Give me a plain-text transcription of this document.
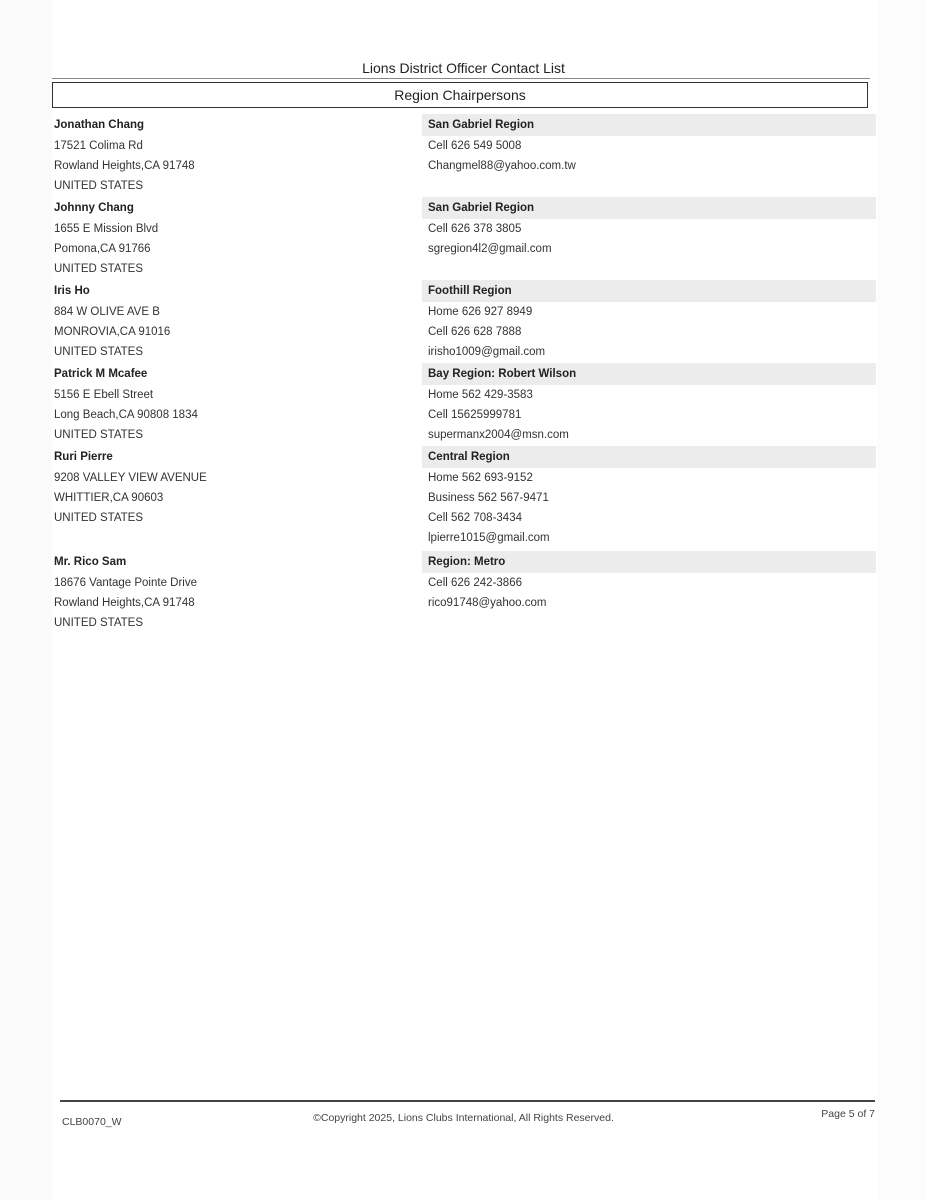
Lions District Officer Contact List
Region Chairpersons
Jonathan Chang
17521 Colima Rd
Rowland Heights,CA 91748
UNITED STATES
San Gabriel Region
Cell 626 549 5008
Changmel88@yahoo.com.tw
Johnny Chang
1655 E Mission Blvd
Pomona,CA 91766
UNITED STATES
San Gabriel Region
Cell 626 378 3805
sgregion4l2@gmail.com
Iris Ho
884 W OLIVE AVE B
MONROVIA,CA 91016
UNITED STATES
Foothill Region
Home 626 927 8949
Cell 626 628 7888
irisho1009@gmail.com
Patrick M Mcafee
5156 E Ebell Street
Long Beach,CA 90808 1834
UNITED STATES
Bay Region: Robert Wilson
Home 562 429-3583
Cell 15625999781
supermanx2004@msn.com
Ruri Pierre
9208 VALLEY VIEW AVENUE
WHITTIER,CA 90603
UNITED STATES
Central Region
Home 562 693-9152
Business 562 567-9471
Cell 562 708-3434
lpierre1015@gmail.com
Mr. Rico Sam
18676 Vantage Pointe Drive
Rowland Heights,CA 91748
UNITED STATES
Region: Metro
Cell 626 242-3866
rico91748@yahoo.com
CLB0070_W	©Copyright 2025, Lions Clubs International, All Rights Reserved.	Page 5 of 7
